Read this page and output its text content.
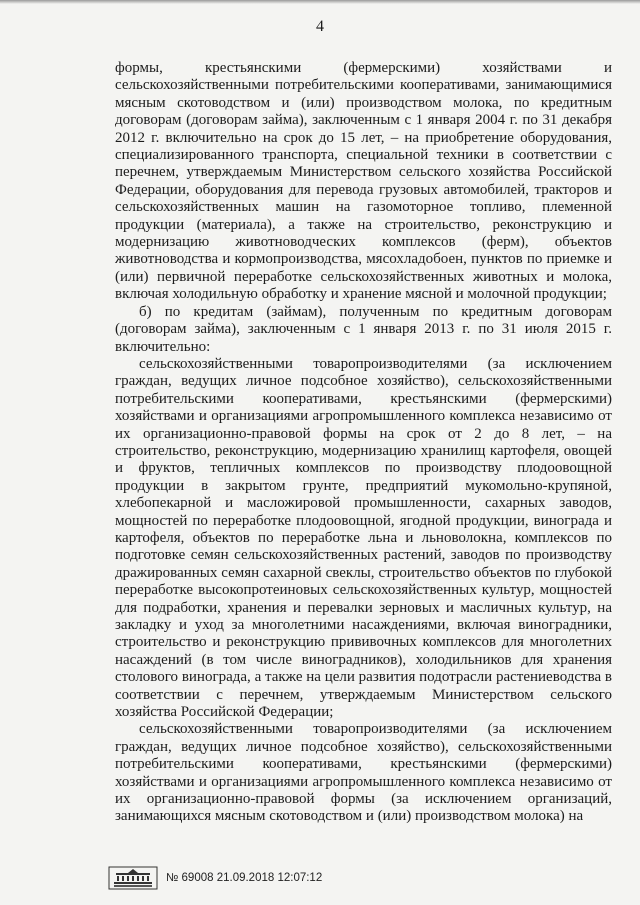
4

формы, крестьянскими (фермерскими) хозяйствами и сельскохозяйственными потребительскими кооперативами, занимающимися мясным скотоводством и (или) производством молока, по кредитным договорам (договорам займа), заключенным с 1 января 2004 г. по 31 декабря 2012 г. включительно на срок до 15 лет, – на приобретение оборудования, специализированного транспорта, специальной техники в соответствии с перечнем, утверждаемым Министерством сельского хозяйства Российской Федерации, оборудования для перевода грузовых автомобилей, тракторов и сельскохозяйственных машин на газомоторное топливо, племенной продукции (материала), а также на строительство, реконструкцию и модернизацию животноводческих комплексов (ферм), объектов животноводства и кормопроизводства, мясохладобоен, пунктов по приемке и (или) первичной переработке сельскохозяйственных животных и молока, включая холодильную обработку и хранение мясной и молочной продукции;

б) по кредитам (займам), полученным по кредитным договорам (договорам займа), заключенным с 1 января 2013 г. по 31 июля 2015 г. включительно:

сельскохозяйственными товаропроизводителями (за исключением граждан, ведущих личное подсобное хозяйство), сельскохозяйственными потребительскими кооперативами, крестьянскими (фермерскими) хозяйствами и организациями агропромышленного комплекса независимо от их организационно-правовой формы на срок от 2 до 8 лет, – на строительство, реконструкцию, модернизацию хранилищ картофеля, овощей и фруктов, тепличных комплексов по производству плодоовощной продукции в закрытом грунте, предприятий мукомольно-крупяной, хлебопекарной и масложировой промышленности, сахарных заводов, мощностей по переработке плодоовощной, ягодной продукции, винограда и картофеля, объектов по переработке льна и льноволокна, комплексов по подготовке семян сельскохозяйственных растений, заводов по производству дражированных семян сахарной свеклы, строительство объектов по глубокой переработке высокопротеиновых сельскохозяйственных культур, мощностей для подработки, хранения и перевалки зерновых и масличных культур, на закладку и уход за многолетними насаждениями, включая виноградники, строительство и реконструкцию прививочных комплексов для многолетних насаждений (в том числе виноградников), холодильников для хранения столового винограда, а также на цели развития подотрасли растениеводства в соответствии с перечнем, утверждаемым Министерством сельского хозяйства Российской Федерации;

сельскохозяйственными товаропроизводителями (за исключением граждан, ведущих личное подсобное хозяйство), сельскохозяйственными потребительскими кооперативами, крестьянскими (фермерскими) хозяйствами и организациями агропромышленного комплекса независимо от их организационно-правовой формы (за исключением организаций, занимающихся мясным скотоводством и (или) производством молока) на

№ 69008 21.09.2018 12:07:12
